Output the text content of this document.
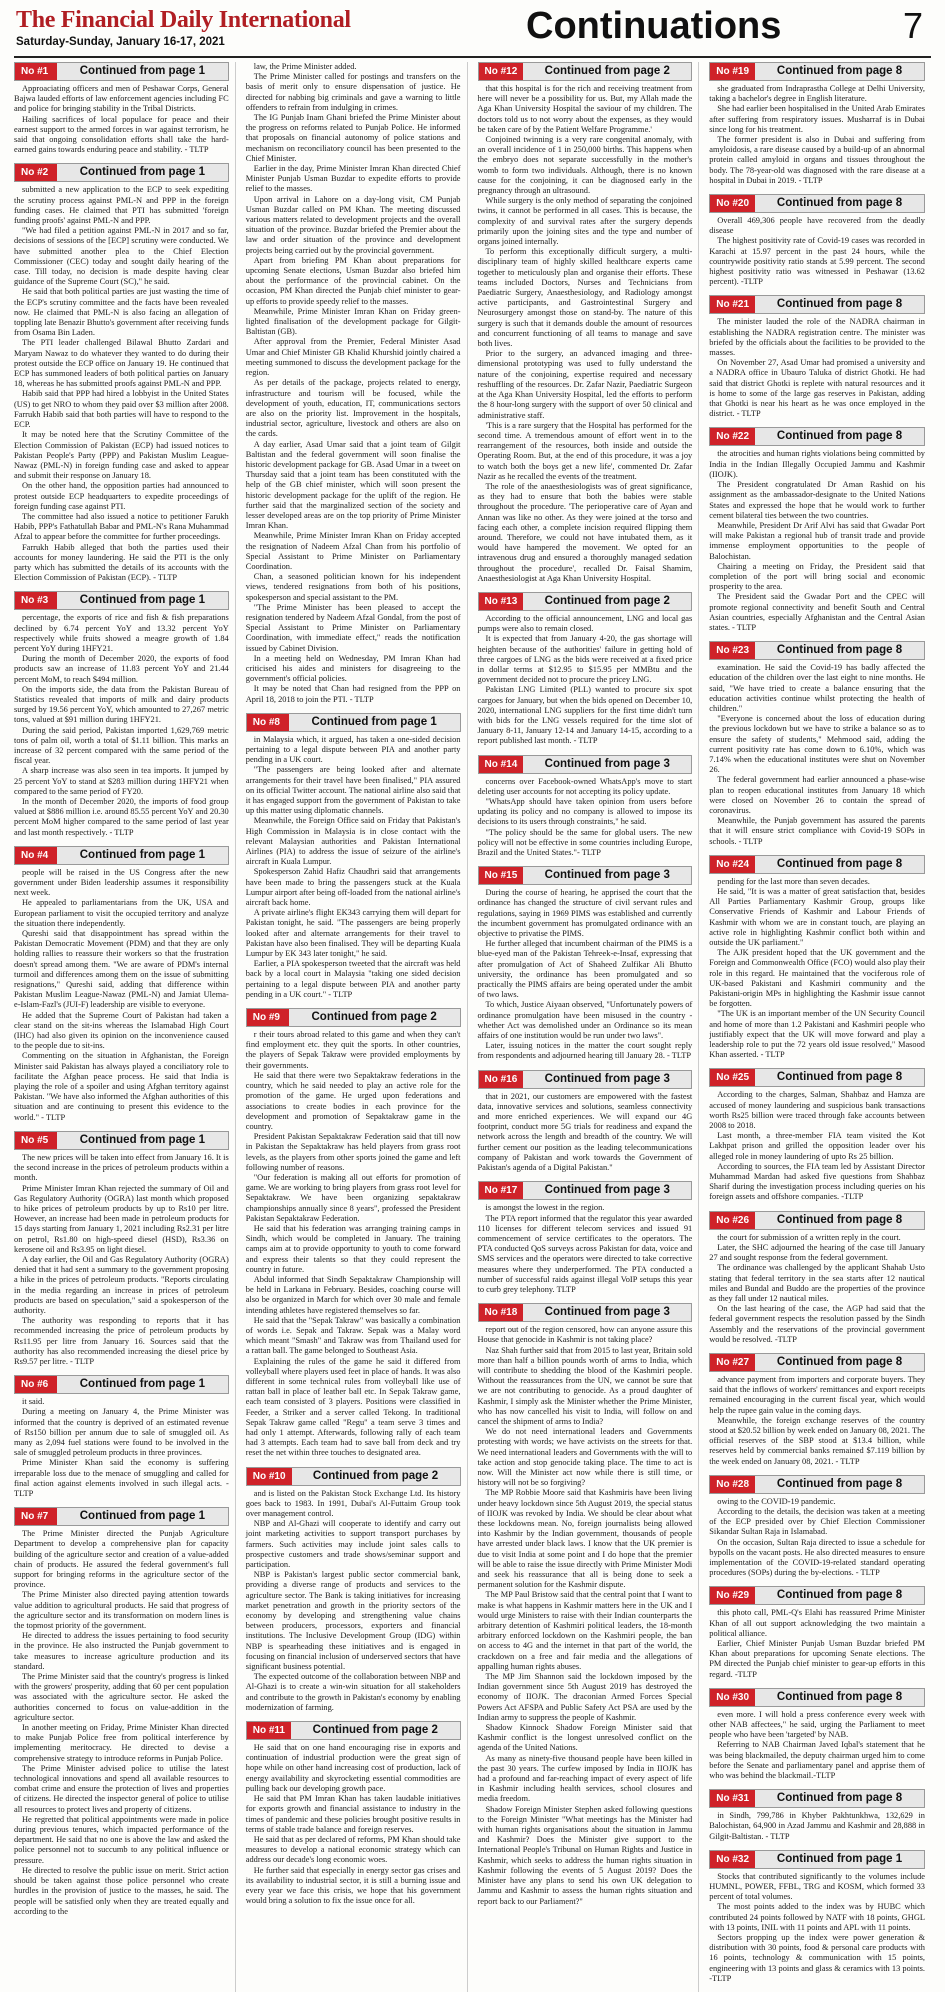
The Financial Daily International
Saturday-Sunday, January 16-17, 2021	Continuations	7
No #1	Continued from page 1

Approaciating officers and men of Peshawar Corps, General Bajwa lauded efforts of law enforcement agencies including FC and police for bringing stability in the Tribal Districts.

Hailing sacrifices of local populace for peace and their earnest support to the armed forces in war against terrorism, he said that ongoing consolidation efforts shall take the hard-earned gains towards enduring peace and stability. - TLTP

No #2	Continued from page 1

submitted a new application to the ECP to seek expediting the scrutiny process against PML-N and PPP in the foreign funding cases. He claimed that PTI has submitted 'foreign funding proofs' against PML-N and PPP.

"We had filed a petition against PML-N in 2017 and so far, decisions of sessions of the [ECP] scrutiny were conducted. We have submitted another plea to the Chief Election Commissioner (CEC) today and sought daily hearing of the case. Till today, no decision is made despite having clear guidance of the Supreme Court (SC)," he said.

He said that both political parties are just wasting the time of the ECP's scrutiny committee and the facts have been revealed now. He claimed that PML-N is also facing an allegation of toppling late Benazir Bhutto's government after receiving funds from Osama Bin Laden.

The PTI leader challenged Bilawal Bhutto Zardari and Maryam Nawaz to do whatever they wanted to do during their protest outside the ECP office on January 19. He continued that ECP has summoned leaders of both political parties on January 18, whereas he has submitted proofs against PML-N and PPP.

Habib said that PPP had hired a lobbyist in the United States (US) to get NRO to whom they paid over $3 million after 2008. Farrukh Habib said that both parties will have to respond to the ECP.

It may be noted here that the Scrutiny Committee of the Election Commission of Pakistan (ECP) had issued notices to Pakistan People's Party (PPP) and Pakistan Muslim League-Nawaz (PML-N) in foreign funding case and asked to appear and submit their response on January 18.

On the other hand, the opposition parties had announced to protest outside ECP headquarters to expedite proceedings of foreign funding case against PTI.

The committee had also issued a notice to petitioner Farukh Habib, PPP's Fathatullah Babar and PML-N's Rana Muhammad Afzal to appear before the committee for further proceedings.

Farrukh Habib alleged that both the parties used their accounts for money laundering. He said the PTI is the only party which has submitted the details of its accounts with the Election Commission of Pakistan (ECP). - TLTP

No #3	Continued from page 1

percentage, the exports of rice and fish & fish preparations declined by 6.74 percent YoY and 13.32 percent YoY respectively while fruits showed a meagre growth of 1.84 percent YoY during 1HFY21.

During the month of December 2020, the exports of food products saw an increase of 11.83 percent YoY and 21.44 percent MoM, to reach $494 million.

On the imports side, the data from the Pakistan Bureau of Statistics revealed that imports of milk and dairy products surged by 19.56 percent YoY, which amounted to 27,267 metric tons, valued at $91 million during 1HFY21.

During the said period, Pakistan imported 1,629,769 metric tons of palm oil, worth a total of $1.11 billion. This marks an increase of 32 percent compared with the same period of the fiscal year.

A sharp increase was also seen in tea imports. It jumped by 25 percent YoY to stand at $283 million during 1HFY21 when compared to the same period of FY20.

In the month of December 2020, the imports of food group valued at $886 million i.e. around 85.55 percent YoY and 20.30 percent MoM higher compared to the same period of last year and last month respectively. - TLTP

No #4	Continued from page 1

people will be raised in the US Congress after the new government under Biden leadership assumes it responsibility next week.

He appealed to parliamentarians from the UK, USA and European parliament to visit the occupied territory and analyze the situation there independently.

Qureshi said that disappointment has spread within the Pakistan Democratic Movement (PDM) and that they are only holding rallies to reassure their workers so that the frustration doesn't spread among them. "We are aware of PDM's internal turmoil and differences among them on the issue of submitting resignations," Qureshi said, adding that difference within Pakistan Muslim League-Nawaz (PML-N) and Jamiat Ulema-e-Islam-Fazl's (JUI-F) leadership are visible to everyone.

He added that the Supreme Court of Pakistan had taken a clear stand on the sit-ins whereas the Islamabad High Court (IHC) had also given its opinion on the inconvenience caused to the people due to sit-ins.

Commenting on the situation in Afghanistan, the Foreign Minister said Pakistan has always played a conciliatory role to facilitate the Afghan peace process. He said that India is playing the role of a spoiler and using Afghan territory against Pakistan. "We have also informed the Afghan authorities of this situation and are continuing to present this evidence to the world." - TLTP

No #5	Continued from page 1

The new prices will be taken into effect from January 16. It is the second increase in the prices of petroleum products within a month.

Prime Minister Imran Khan rejected the summary of Oil and Gas Regulatory Authority (OGRA) last month which proposed to hike prices of petroleum products by up to Rs10 per litre. However, an increase had been made in petroleum products for 15 days starting from January 1, 2021 including Rs2.31 per litre on petrol, Rs1.80 on high-speed diesel (HSD), Rs3.36 on kerosene oil and Rs3.95 on light diesel.

A day earlier, the Oil and Gas Regulatory Authority (OGRA) denied that it had sent a summary to the government proposing a hike in the prices of petroleum products. "Reports circulating in the media regarding an increase in prices of petroleum products are based on speculation," said a spokesperson of the authority.

The authority was responding to reports that it has recommended increasing the price of petroleum products by Rs11.95 per litre from January 16. Sources said that the authority has also recommended increasing the diesel price by Rs9.57 per litre. - TLTP

No #6	Continued from page 1

it said.

During a meeting on January 4, the Prime Minister was informed that the country is deprived of an estimated revenue of Rs150 billion per annum due to sale of smuggled oil. As many as 2,094 fuel stations were found to be involved in the sale of smuggled petroleum products in three provinces.

Prime Minister Khan said the economy is suffering irreparable loss due to the menace of smuggling and called for final action against elements involved in such illegal acts. - TLTP

No #7	Continued from page 1

The Prime Minister directed the Punjab Agriculture Department to develop a comprehensive plan for capacity building of the agriculture sector and creation of a value-added chain of products. He assured the federal government's full support for bringing reforms in the agriculture sector of the province.

The Prime Minister also directed paying attention towards value addition to agricultural products. He said that progress of the agriculture sector and its transformation on modern lines is the topmost priority of the government.

He directed to address the issues pertaining to food security in the province. He also instructed the Punjab government to take measures to increase agriculture production and its standard.

The Prime Minister said that the country's progress is linked with the growers' prosperity, adding that 60 per cent population was associated with the agriculture sector. He asked the authorities concerned to focus on value-addition in the agriculture sector.

In another meeting on Friday, Prime Minister Khan directed to make Punjab Police free from political interference by implementing meritocracy. He directed to devise a comprehensive strategy to introduce reforms in Punjab Police.

The Prime Minister advised police to utilise the latest technological innovations and spend all available resources to combat crime and ensure the protection of lives and properties of citizens. He directed the inspector general of police to utilise all resources to protect lives and property of citizens.

He regretted that political appointments were made in police during previous tenures, which impacted performance of the department. He said that no one is above the law and asked the police personnel not to succumb to any political influence or pressure.

He directed to resolve the public issue on merit. Strict action should be taken against those police personnel who create hurdles in the provision of justice to the masses, he said. The people will be satisfied only when they are treated equally and according to the

law, the Prime Minister added.

The Prime Minister called for postings and transfers on the basis of merit only to ensure dispensation of justice. He directed for nabbing big criminals and gave a warning to little offenders to refrain from indulging in crimes.

The IG Punjab Inam Ghani briefed the Prime Minister about the progress on reforms related to Punjab Police. He informed that proposals on financial autonomy of police stations and mechanism on reconciliatory council has been presented to the Chief Minister.

Earlier in the day, Prime Minister Imran Khan directed Chief Minister Punjab Usman Buzdar to expedite efforts to provide relief to the masses.

Upon arrival in Lahore on a day-long visit, CM Punjab Usman Buzdar called on PM Khan. The meeting discussed various matters related to development projects and the overall situation of the province. Buzdar briefed the Premier about the law and order situation of the province and development projects being carried out by the provincial government.

Apart from briefing PM Khan about preparations for upcoming Senate elections, Usman Buzdar also briefed him about the performance of the provincial cabinet. On the occasion, PM Khan directed the Punjab chief minister to gear-up efforts to provide speedy relief to the masses.

Meanwhile, Prime Minister Imran Khan on Friday green-lighted finalisation of the development package for Gilgit-Baltistan (GB).

After approval from the Premier, Federal Minister Asad Umar and Chief Minister GB Khalid Khurshid jointly chaired a meeting summoned to discuss the development package for the region.

As per details of the package, projects related to energy, infrastructure and tourism will be focused, while the development of youth, education, IT, communications sectors are also on the priority list. Improvement in the hospitals, industrial sector, agriculture, livestock and others are also on the cards.

A day earlier, Asad Umar said that a joint team of Gilgit Baltistan and the federal government will soon finalise the historic development package for GB. Asad Umar in a tweet on Thursday said that a joint team has been constituted with the help of the GB chief minister, which will soon present the historic development package for the uplift of the region. He further said that the marginalized section of the society and lesser developed areas are on the top priority of Prime Minister Imran Khan.

Meanwhile, Prime Minister Imran Khan on Friday accepted the resignation of Nadeem Afzal Chan from his portfolio of Special Assistant to Prime Minister on Parliamentary Coordination.

Chan, a seasoned politician known for his independent views, tendered resignations from both of his positions, spokesperson and special assistant to the PM.

"The Prime Minister has been pleased to accept the resignation tendered by Nadeem Afzal Gondal, from the post of Special Assistant to Prime Minister on Parliamentary Coordination, with immediate effect," reads the notification issued by Cabinet Division.

In a meeting held on Wednesday, PM Imran Khan had criticised his aides and ministers for disagreeing to the government's official policies.

It may be noted that Chan had resigned from the PPP on April 18, 2018 to join the PTI. - TLTP

No #8	Continued from page 1

in Malaysia which, it argued, has taken a one-sided decision pertaining to a legal dispute between PIA and another party pending in a UK court.

"The passengers are being looked after and alternate arrangements for their travel have been finalised," PIA assured on its official Twitter account. The national airline also said that it has engaged support from the government of Pakistan to take up this matter using diplomatic channels.

Meanwhile, the Foreign Office said on Friday that Pakistan's High Commission in Malaysia is in close contact with the relevant Malaysian authorities and Pakistan International Airlines (PIA) to address the issue of seizure of the airline's aircraft in Kuala Lumpur.

Spokesperson Zahid Hafiz Chaudhri said that arrangements have been made to bring the passengers stuck at the Kuala Lumpur airport after being off-loaded from the national airline's aircraft back home.

A private airline's flight EK343 carrying them will depart for Pakistan tonight, he said. "The passengers are being properly looked after and alternate arrangements for their travel to Pakistan have also been finalised. They will be departing Kuala Lumpur by EK 343 later tonight," he said.

Earlier, a PIA spokesperson tweeted that the aircraft was held back by a local court in Malaysia "taking one sided decision pertaining to a legal dispute between PIA and another party pending in a UK court." - TLTP

No #9	Continued from page 2

r their tours abroad related to this game and when they can't find employment etc. they quit the sports. In other countries, the players of Sepak Takraw were provided employments by their governments.

He said that there were two Sepaktakraw federations in the country, which he said needed to play an active role for the promotion of the game. He urged upon federations and associations to create bodies in each province for the development and promotion of Sepaktakraw game in the country.

President Pakistan Sepaktakraw Federation said that till now in Pakistan the Sepaktakraw has held players from grass root levels, as the players from other sports joined the game and left following number of reasons.

"Our federation is making all out efforts for promotion of game. We are working to bring players from grass root level for Sepaktakraw. We have been organizing sepaktakraw championships annually since 8 years", professed the President Pakistan Sepaktakraw Federation.

He said that his federation was arranging training camps in Sindh, which would be completed in January. The training camps aim at to provide opportunity to youth to come forward and express their talents so that they could represent the country in future.

Abdul informed that Sindh Sepaktakraw Championship will be held in Larkana in February. Besides, coaching course will also be organized in March for which over 30 male and female intending athletes have registered themselves so far.

He said that the "Sepak Takraw" was basically a combination of words i.e. Sepak and Takraw. Sepak was a Malay word which meant "Smash" and Takraw was from Thailand used for a rattan ball. The game belonged to Southeast Asia.

Explaining the rules of the game he said it differed from volleyball where players used feet in place of hands. It was also different in some technical rules from volleyball like use of rattan ball in place of leather ball etc. In Sepak Takraw game, each team consisted of 3 players. Positions were classified in Feeder, a Striker and a server called Tekong. In traditional Sepak Takraw game called "Regu" a team serve 3 times and had only 1 attempt. Afterwards, following rally of each team had 3 attempts. Each team had to save ball from deck and try reset the net within three touches to designated area.

No #10	Continued from page 2

and is listed on the Pakistan Stock Exchange Ltd. Its history goes back to 1983. In 1991, Dubai's Al-Futtaim Group took over management control.

NBP and Al-Ghazi will cooperate to identify and carry out joint marketing activities to support transport purchases by farmers. Such activities may include joint sales calls to prospective customers and trade shows/seminar support and participation.

NBP is Pakistan's largest public sector commercial bank, providing a diverse range of products and services to the agriculture sector. The Bank is taking initiatives for increasing market penetration and growth in the priority sectors of the economy by developing and strengthening value chains between producers, processors, exporters and financial institutions. The Inclusive Development Group (IDG) within NBP is spearheading these initiatives and is engaged in focusing on financial inclusion of underserved sectors that have significant business potential.

The expected outcome of the collaboration between NBP and Al-Ghazi is to create a win-win situation for all stakeholders and contribute to the growth in Pakistan's economy by enabling modernization of farming.

No #11	Continued from page 2

He said that on one hand encouraging rise in exports and continuation of industrial production were the great sign of hope while on other hand increasing cost of production, lack of energy availability and skyrocketing essential commodities are pulling back our developing growth pace.

He said that PM Imran Khan has taken laudable initiatives for exports growth and financial assistance to industry in the times of pandemic and these policies brought positive results in terms of stable trade balance and foreign reserves.

He said that as per declared of reforms, PM Khan should take measures to develop a national economic strategy which can address our decade's long economic woes.

He further said that especially in energy sector gas crises and its availability to industrial sector, it is still a burning issue and every year we face this crisis, we hope that his government would bring a solution to fix the issue once for all.

No #12	Continued from page 2

that this hospital is for the rich and receiving treatment from here will never be a possibility for us. But, my Allah made the Aga Khan University Hospital the saviour of my children. The doctors told us to not worry about the expenses, as they would be taken care of by the Patient Welfare Programme.'

Conjoined twinning is a very rare congenital anomaly, with an overall incidence of 1 in 250,000 births. This happens when the embryo does not separate successfully in the mother's womb to form two individuals. Although, there is no known cause for the conjoining, it can be diagnosed early in the pregnancy through an ultrasound.

While surgery is the only method of separating the conjoined twins, it cannot be performed in all cases. This is because, the complexity of and survival rates after the surgery depends primarily upon the joining sites and the type and number of organs joined internally.

To perform this exceptionally difficult surgery, a multi-disciplinary team of highly skilled healthcare experts came together to meticulously plan and organise their efforts. These teams included Doctors, Nurses and Technicians from Paediatric Surgery, Anaesthesiology, and Radiology amongst active participants, and Gastrointestinal Surgery and Neurosurgery amongst those on stand-by. The nature of this surgery is such that it demands double the amount of resources and concurrent functioning of all teams to manage and save both lives.

Prior to the surgery, an advanced imaging and three-dimensional prototyping was used to fully understand the nature of the conjoining, expertise required and necessary reshuffling of the resources. Dr. Zafar Nazir, Paediatric Surgeon at the Aga Khan University Hospital, led the efforts to perform the 8 hour-long surgery with the support of over 50 clinical and administrative staff.

'This is a rare surgery that the Hospital has performed for the second time. A tremendous amount of effort went in to the rearrangement of the resources, both inside and outside the Operating Room. But, at the end of this procedure, it was a joy to watch both the boys get a new life', commented Dr. Zafar Nazir as he recalled the events of the treatment.

The role of the anaesthesiologists was of great significance, as they had to ensure that both the babies were stable throughout the procedure. 'The perioperative care of Ayan and Annan was like no other. As they were joined at the torso and facing each other, a complete incision required flipping them around. Therefore, we could not have intubated them, as it would have hampered the movement. We opted for an intravenous drug and ensured a thoroughly managed sedation throughout the procedure', recalled Dr. Faisal Shamim, Anaesthesiologist at Aga Khan University Hospital.

No #13	Continued from page 2

According to the official announcement, LNG and local gas pumps were also to remain closed.

It is expected that from January 4-20, the gas shortage will heighten because of the authorities' failure in getting hold of three cargoes of LNG as the bids were received at a fixed price in dollar terms at $12.95 to $15.95 per MMBtu and the government decided not to procure the pricey LNG.

Pakistan LNG Limited (PLL) wanted to procure six spot cargoes for January, but when the bids opened on December 10, 2020, international LNG suppliers for the first time didn't turn with bids for the LNG vessels required for the time slot of January 8-11, January 12-14 and January 14-15, according to a report published last month. - TLTP

No #14	Continued from page 3

concerns over Facebook-owned WhatsApp's move to start deleting user accounts for not accepting its policy update.

"WhatsApp should have taken opinion from users before updating its policy and no company is allowed to impose its decisions to its users through constraints," he said.

"The policy should be the same for global users. The new policy will not be effective in some countries including Europe, Brazil and the United States."- TLTP

No #15	Continued from page 3

During the course of hearing, he apprised the court that the ordinance has changed the structure of civil servant rules and regulations, saying in 1969 PIMS was established and currently the incumbent government has promulgated ordinance with an objective to privatise the PIMS.

He further alleged that incumbent chairman of the PIMS is a blue-eyed man of the Pakistan Tehreek-e-Insaf, expressing that after promulgation of Act of Shaheed Zulfikar Ali Bhutto university, the ordinance has been promulgated and so practically the PIMS affairs are being operated under the ambit of two laws.

To which, Justice Aiyaan observed, "Unfortunately powers of ordinance promulgation have been misused in the country - whether Act was demolished under an Ordinance so its mean affairs of one institution would be run under two laws".

Later, issuing notices in the matter the court sought reply from respondents and adjourned hearing till January 28. - TLTP

No #16	Continued from page 3

that in 2021, our customers are empowered with the fastest data, innovative services and solutions, seamless connectivity and more enriched experiences. We will expand our 4G footprint, conduct more 5G trials for readiness and expand the network across the length and breadth of the country. We will further cement our position as the leading telecommunications company of Pakistan and work towards the Government of Pakistan's agenda of a Digital Pakistan."

No #17	Continued from page 3

is amongst the lowest in the region.

The PTA report informed that the regulator this year awarded 110 licenses for different telecom services and issued 91 commencement of service certificates to the operators. The PTA conducted QoS surveys across Pakistan for data, voice and SMS services and the operators were directed to take corrective measures where they underperformed. The PTA conducted a number of successful raids against illegal VoIP setups this year to curb grey telephony. TLTP

No #18	Continued from page 3

report out of the region censored, how can anyone assure this House that genocide in Kashmir is not taking place?

Naz Shah further said that from 2015 to last year, Britain sold more than half a billion pounds worth of arms to India, which will contribute to shedding the blood of the Kashmiri people. Without the reassurances from the UN, we cannot be sure that we are not contributing to genocide. As a proud daughter of Kashmir, I simply ask the Minister whether the Prime Minister, who has now cancelled his visit to India, will follow on and cancel the shipment of arms to India?

We do not need international leaders and Governments protesting with words; we have activists on the streets for that. We need international leaders and Governments with the will to take action and stop genocide taking place. The time to act is now. Will the Minister act now while there is still time, or history will not be so forgiving?

The MP Robbie Moore said that Kashmiris have been living under heavy lockdown since 5th August 2019, the special status of IIOJK was revoked by India. We should be clear about what these lockdowns mean. No, foreign journalists being allowed into Kashmir by the Indian government, thousands of people have arrested under black laws. I know that the UK premier is due to visit India at some point and I do hope that the premier will be able to raise the issue directly with Prime Minister Modi and seek his reassurance that all is being done to seek a permanent solution for the Kashmir dispute.

The MP Paul Bristow said that the central point that I want to make is what happens in Kashmir matters here in the UK and I would urge Ministers to raise with their Indian counterparts the arbitrary detention of Kashmiri political leaders, the 18-month arbitrary enforced lockdown on the Kashmiri people, the ban on access to 4G and the internet in that part of the world, the crackdown on a free and fair media and the allegations of appalling human rights abuses.

The MP Jim Shannon said the lockdown imposed by the Indian government since 5th August 2019 has destroyed the economy of IIOJK. The draconian Armed Forces Special Powers Act AFSPA and Public Safety Act PSA are used by the Indian army to suppress the people of Kashmir.

Shadow Kinnock Shadow Foreign Minister said that Kashmir conflict is the longest unresolved conflict on the agenda of the United Nations.

As many as ninety-five thousand people have been killed in the past 30 years. The curfew imposed by India in IIOJK has had a profound and far-reaching impact of every aspect of life in Kashmir including health services, school closures and media freedom.

Shadow Foreign Minister Stephen asked following questions to the Foreign Minister "What meetings has the Minister had with human rights organisations about the situation in Jammu and Kashmir? Does the Minister give support to the International People's Tribunal on Human Rights and Justice in Kashmir, which seeks to address the human rights situation in Kashmir following the events of 5 August 2019? Does the Minister have any plans to send his own UK delegation to Jammu and Kashmir to assess the human rights situation and report back to our Parliament?"

No #19	Continued from page 8

she graduated from Indraprastha College at Delhi University, taking a bachelor's degree in English literature.

She had earlier been hospitalised in the United Arab Emirates after suffering from respiratory issues. Musharraf is in Dubai since long for his treatment.

The former president is also in Dubai and suffering from amyloidosis, a rare disease caused by a build-up of an abnormal protein called amyloid in organs and tissues throughout the body. The 78-year-old was diagnosed with the rare disease at a hospital in Dubai in 2019. - TLTP

No #20	Continued from page 8

Overall 469,306 people have recovered from the deadly disease

The highest positivity rate of Covid-19 cases was recorded in Karachi at 15.97 percent in the past 24 hours, while the countrywide positivity ratio stands at 5.99 percent. The second highest positivity ratio was witnessed in Peshawar (13.62 percent). -TLTP

No #21	Continued from page 8

The minister lauded the role of the NADRA chairman in establishing the NADRA registration centre. The minister was briefed by the officials about the facilities to be provided to the masses.

On November 27, Asad Umar had promised a university and a NADRA office in Ubauro Taluka of district Ghotki. He had said that district Ghotki is replete with natural resources and it is home to some of the large gas reserves in Pakistan, adding that Ghotki is near his heart as he was once employed in the district. - TLTP

No #22	Continued from page 8

the atrocities and human rights violations being committed by India in the Indian Illegally Occupied Jammu and Kashmir (IIOJK).

The President congratulated Dr Aman Rashid on his assignment as the ambassador-designate to the United Nations States and expressed the hope that he would work to further cement bilateral ties between the two countries.

Meanwhile, President Dr Arif Alvi has said that Gwadar Port will make Pakistan a regional hub of transit trade and provide immense employment opportunities to the people of Balochistan.

Chairing a meeting on Friday, the President said that completion of the port will bring social and economic prosperity to the area.

The President said the Gwadar Port and the CPEC will promote regional connectivity and benefit South and Central Asian countries, especially Afghanistan and the Central Asian states. - TLTP

No #23	Continued from page 8

examination. He said the Covid-19 has badly affected the education of the children over the last eight to nine months. He said, "We have tried to create a balance ensuring that the education activities continue whilst protecting the health of children."

"Everyone is concerned about the loss of education during the previous lockdown but we have to strike a balance so as to ensure the safety of students," Mehmood said, adding the current positivity rate has come down to 6.10%, which was 7.14% when the educational institutes were shut on November 26.

The federal government had earlier announced a phase-wise plan to reopen educational institutes from January 18 which were closed on November 26 to contain the spread of coronavirus.

Meanwhile, the Punjab government has assured the parents that it will ensure strict compliance with Covid-19 SOPs in schools. - TLTP

No #24	Continued from page 8

pending for the last more than seven decades.

He said, "It is was a matter of great satisfaction that, besides All Parties Parliamentary Kashmir Group, groups like Conservative Friends of Kashmir and Labour Friends of Kashmir with whom we are in constant touch, are playing an active role in highlighting Kashmir conflict both within and outside the UK parliament."

The AJK president hoped that the UK government and the Foreign and Commonwealth Office (FCO) would also play their role in this regard. He maintained that the vociferous role of UK-based Pakistani and Kashmiri community and the Pakistani-origin MPs in highlighting the Kashmir issue cannot be forgotten.

"The UK is an important member of the UN Security Council and home of more than 1.2 Pakistani and Kashmiri people who justifiably expect that the UK will move forward and play a leadership role to put the 72 years old issue resolved," Masood Khan asserted. - TLTP

No #25	Continued from page 8

According to the charges, Salman, Shahbaz and Hamza are accused of money laundering and suspicious bank transactions worth Rs25 billion were traced through fake accounts between 2008 to 2018.

Last month, a three-member FIA team visited the Kot Lakhpat prison and grilled the opposition leader over his alleged role in money laundering of upto Rs 25 billion.

According to sources, the FIA team led by Assistant Director Muhammad Mardan had asked five questions from Shahbaz Sharif during the investigation process including queries on his foreign assets and offshore companies. -TLTP

No #26	Continued from page 8

the court for submission of a written reply in the court.

Later, the SHC adjourned the hearing of the case till January 27 and sought response from the federal government.

The ordinance was challenged by the applicant Shahab Usto stating that federal territory in the sea starts after 12 nautical miles and Bundal and Buddo are the properties of the province as they fall under 12 nautical miles.

On the last hearing of the case, the AGP had said that the federal government respects the resolution passed by the Sindh Assembly and the reservations of the provincial government would be resolved. -TLTP

No #27	Continued from page 8

advance payment from importers and corporate buyers. They said that the inflows of workers' remittances and export receipts remained encouraging in the current fiscal year, which would help the rupee gain value in the coming days.

Meanwhile, the foreign exchange reserves of the country stood at $20.52 billion by week ended on January 08, 2021. The official reserves of the SBP stood at $13.4 billion, while reserves held by commercial banks remained $7.119 billion by the week ended on January 08, 2021. - TLTP

No #28	Continued from page 8

owing to the COVID-19 pandemic.

According to the details, the decision was taken at a meeting of the ECP presided over by Chief Election Commissioner Sikandar Sultan Raja in Islamabad.

On the occasion, Sultan Raja directed to issue a schedule for bypolls on the vacant posts. He also directed measures to ensure implementation of the COVID-19-related standard operating procedures (SOPs) during the by-elections. - TLTP

No #29	Continued from page 8

this photo call, PML-Q's Elahi has reassured Prime Minister Khan of all out support acknowledging the two maintain a political alliance.

Earlier, Chief Minister Punjab Usman Buzdar briefed PM Khan about preparations for upcoming Senate elections. The PM directed the Punjab chief minister to gear-up efforts in this regard. -TLTP

No #30	Continued from page 8

even more. I will hold a press conference every week with other NAB affectees," he said, urging the Parliament to meet people who have been 'targeted' by NAB.

Referring to NAB Chairman Javed Iqbal's statement that he was being blackmailed, the deputy chairman urged him to come before the Senate and parliamentary panel and apprise them of who was behind the blackmail.-TLTP

No #31	Continued from page 8

in Sindh, 799,786 in Khyber Pakhtunkhwa, 132,629 in Balochistan, 64,900 in Azad Jammu and Kashmir and 28,888 in Gilgit-Baltistan. - TLTP

No #32	Continued from page 1

Stocks that contributed significantly to the volumes include HUMNL, POWER, FFBL, TRG and KOSM, which formed 33 percent of total volumes.

The most points added to the index was by HUBC which contributed 24 points followed by NATF with 18 points, GHGL with 13 points, INIL with 11 points and APL with 11 points.

Sectors propping up the index were power generation & distribution with 30 points, food & personal care products with 16 points, technology & communication with 15 points, engineering with 13 points and glass & ceramics with 13 points. -TLTP
